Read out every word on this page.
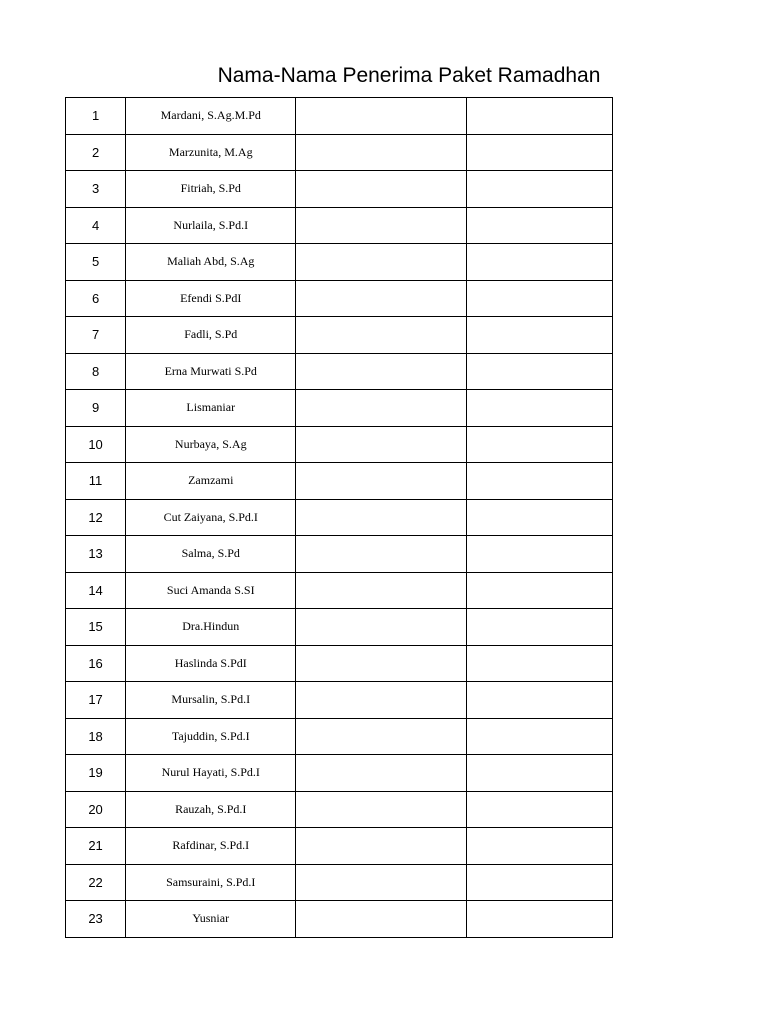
Nama-Nama Penerima Paket Ramadhan
1	Mardani, S.Ag.M.Pd		
2	Marzunita, M.Ag		
3	Fitriah, S.Pd		
4	Nurlaila, S.Pd.I		
5	Maliah Abd, S.Ag		
6	Efendi S.PdI		
7	Fadli, S.Pd		
8	Erna Murwati S.Pd		
9	Lismaniar		
10	Nurbaya, S.Ag		
11	Zamzami		
12	Cut Zaiyana, S.Pd.I		
13	Salma, S.Pd		
14	Suci Amanda S.SI		
15	Dra.Hindun		
16	Haslinda S.PdI		
17	Mursalin, S.Pd.I		
18	Tajuddin, S.Pd.I		
19	Nurul Hayati, S.Pd.I		
20	Rauzah, S.Pd.I		
21	Rafdinar, S.Pd.I		
22	Samsuraini, S.Pd.I		
23	Yusniar		
